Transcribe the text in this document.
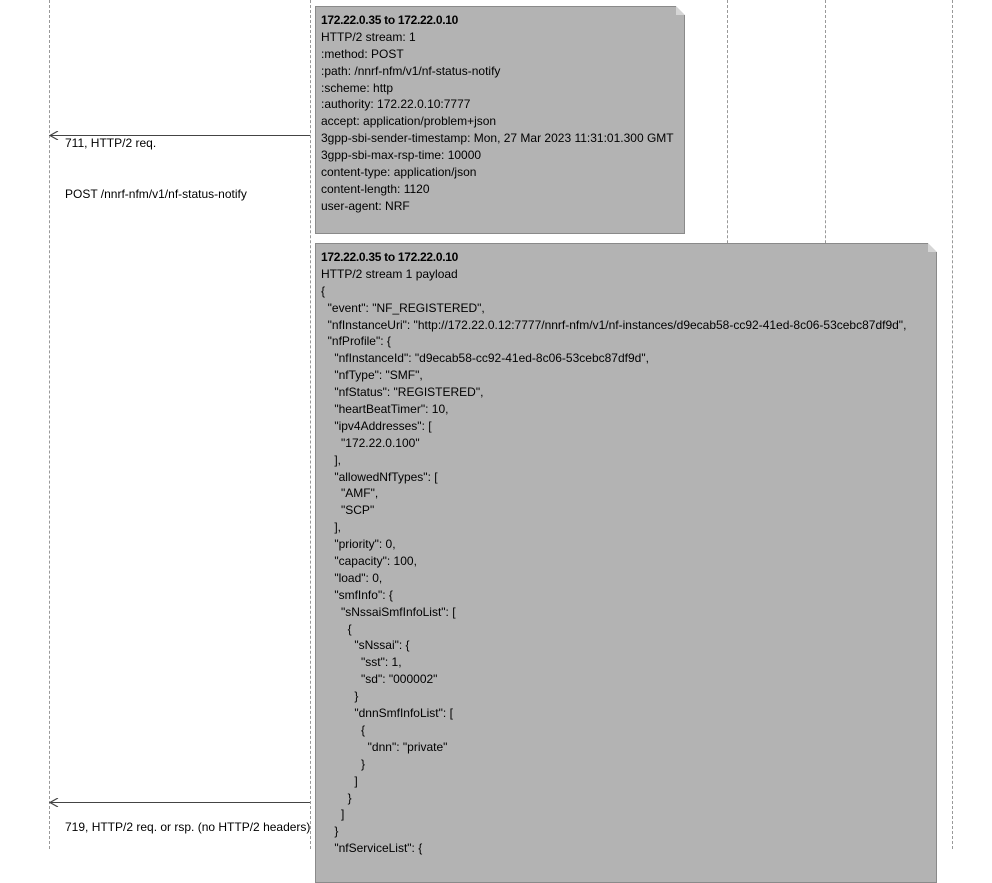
711, HTTP/2 req.

POST /nnrf-nfm/v1/nf-status-notify

719, HTTP/2 req. or rsp. (no HTTP/2 headers)

172.22.0.35 to 172.22.0.10
HTTP/2 stream: 1
:method: POST
:path: /nnrf-nfm/v1/nf-status-notify
:scheme: http
:authority: 172.22.0.10:7777
accept: application/problem+json
3gpp-sbi-sender-timestamp: Mon, 27 Mar 2023 11:31:01.300 GMT
3gpp-sbi-max-rsp-time: 10000
content-type: application/json
content-length: 1120
user-agent: NRF
172.22.0.35 to 172.22.0.10
HTTP/2 stream 1 payload
{
"event": "NF_REGISTERED",
"nfInstanceUri": "http://172.22.0.12:7777/nnrf-nfm/v1/nf-instances/d9ecab58-cc92-41ed-8c06-53cebc87df9d",
"nfProfile": {
"nfInstanceId": "d9ecab58-cc92-41ed-8c06-53cebc87df9d",
"nfType": "SMF",
"nfStatus": "REGISTERED",
"heartBeatTimer": 10,
"ipv4Addresses": [
"172.22.0.100"
],
"allowedNfTypes": [
"AMF",
"SCP"
],
"priority": 0,
"capacity": 100,
"load": 0,
"smfInfo": {
"sNssaiSmfInfoList": [
{
"sNssai": {
"sst": 1,
"sd": "000002"
}
"dnnSmfInfoList": [
{
"dnn": "private"
}
]
}
]
}
"nfServiceList": {
